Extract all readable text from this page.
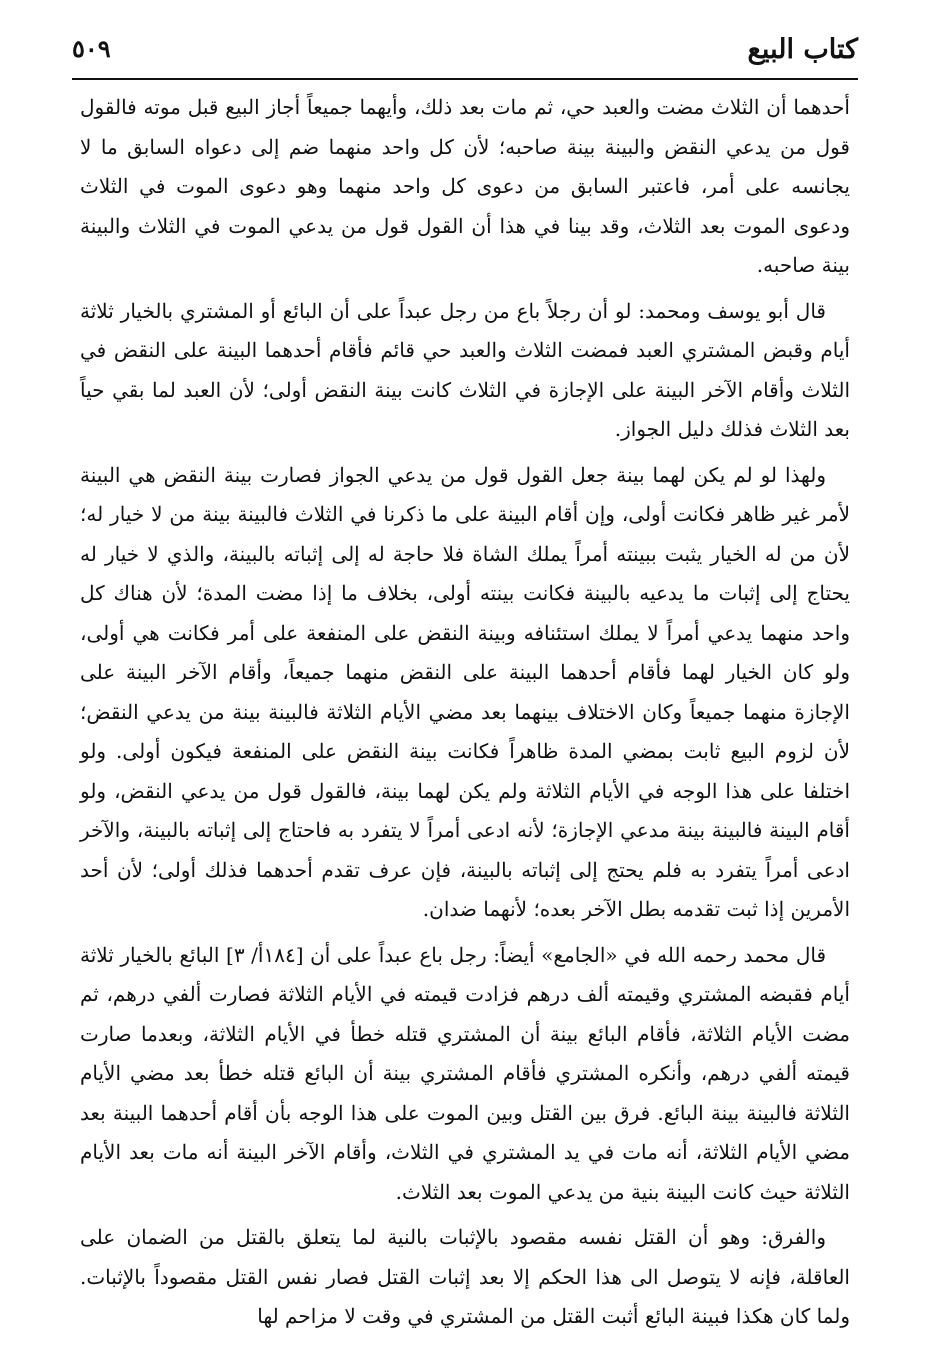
كتاب البيع
٥٠٩

أحدهما أن الثلاث مضت والعبد حي، ثم مات بعد ذلك، وأيهما جميعاً أجاز البيع قبل موته فالقول قول من يدعي النقض والبينة بينة صاحبه؛ لأن كل واحد منهما ضم إلى دعواه السابق ما لا يجانسه على أمر، فاعتبر السابق من دعوى كل واحد منهما وهو دعوى الموت في الثلاث ودعوى الموت بعد الثلاث، وقد بينا في هذا أن القول قول من يدعي الموت في الثلاث والبينة بينة صاحبه.

قال أبو يوسف ومحمد: لو أن رجلاً باع من رجل عبداً على أن البائع أو المشتري بالخيار ثلاثة أيام وقبض المشتري العبد فمضت الثلاث والعبد حي قائم فأقام أحدهما البينة على النقض في الثلاث وأقام الآخر البينة على الإجازة في الثلاث كانت بينة النقض أولى؛ لأن العبد لما بقي حياً بعد الثلاث فذلك دليل الجواز.

ولهذا لو لم يكن لهما بينة جعل القول قول من يدعي الجواز فصارت بينة النقض هي البينة لأمر غير ظاهر فكانت أولى، وإن أقام البينة على ما ذكرنا في الثلاث فالبينة بينة من لا خيار له؛ لأن من له الخيار يثبت ببينته أمراً يملك الشاة فلا حاجة له إلى إثباته بالبينة، والذي لا خيار له يحتاج إلى إثبات ما يدعيه بالبينة فكانت بينته أولى، بخلاف ما إذا مضت المدة؛ لأن هناك كل واحد منهما يدعي أمراً لا يملك استئنافه وبينة النقض على المنفعة على أمر فكانت هي أولى، ولو كان الخيار لهما فأقام أحدهما البينة على النقض منهما جميعاً، وأقام الآخر البينة على الإجازة منهما جميعاً وكان الاختلاف بينهما بعد مضي الأيام الثلاثة فالبينة بينة من يدعي النقض؛ لأن لزوم البيع ثابت بمضي المدة ظاهراً فكانت بينة النقض على المنفعة فيكون أولى. ولو اختلفا على هذا الوجه في الأيام الثلاثة ولم يكن لهما بينة، فالقول قول من يدعي النقض، ولو أقام البينة فالبينة بينة مدعي الإجازة؛ لأنه ادعى أمراً لا يتفرد به فاحتاج إلى إثباته بالبينة، والآخر ادعى أمراً يتفرد به فلم يحتج إلى إثباته بالبينة، فإن عرف تقدم أحدهما فذلك أولى؛ لأن أحد الأمرين إذا ثبت تقدمه بطل الآخر بعده؛ لأنهما ضدان.

قال محمد رحمه الله في «الجامع» أيضاً: رجل باع عبداً على أن [١٨٤أ/ ٣] البائع بالخيار ثلاثة أيام فقبضه المشتري وقيمته ألف درهم فزادت قيمته في الأيام الثلاثة فصارت ألفي درهم، ثم مضت الأيام الثلاثة، فأقام البائع بينة أن المشتري قتله خطأ في الأيام الثلاثة، وبعدما صارت قيمته ألفي درهم، وأنكره المشتري فأقام المشتري بينة أن البائع قتله خطأ بعد مضي الأيام الثلاثة فالبينة بينة البائع. فرق بين القتل وبين الموت على هذا الوجه بأن أقام أحدهما البينة بعد مضي الأيام الثلاثة، أنه مات في يد المشتري في الثلاث، وأقام الآخر البينة أنه مات بعد الأيام الثلاثة حيث كانت البينة بنية من يدعي الموت بعد الثلاث.

والفرق: وهو أن القتل نفسه مقصود بالإثبات بالنية لما يتعلق بالقتل من الضمان على العاقلة، فإنه لا يتوصل الى هذا الحكم إلا بعد إثبات القتل فصار نفس القتل مقصوداً بالإثبات. ولما كان هكذا فبينة البائع أثبت القتل من المشتري في وقت لا مزاحم لها
